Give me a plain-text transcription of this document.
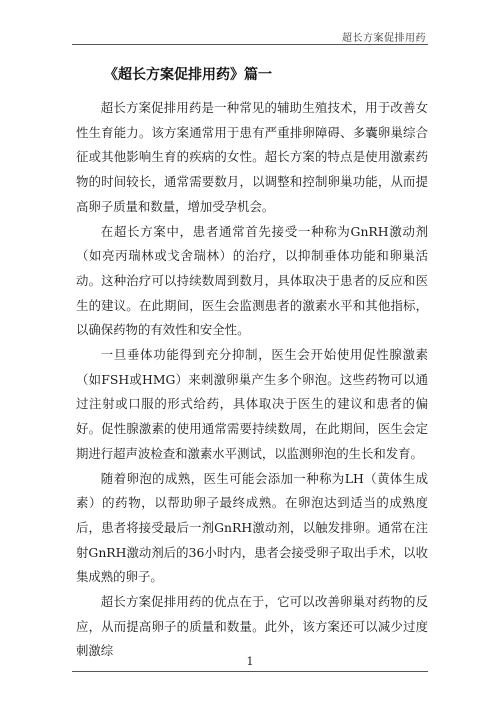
超长方案促排用药
《超长方案促排用药》篇一

超长方案促排用药是一种常见的辅助生殖技术，用于改善女性生育能力。该方案通常用于患有严重排卵障碍、多囊卵巢综合征或其他影响生育的疾病的女性。超长方案的特点是使用激素药物的时间较长，通常需要数月，以调整和控制卵巢功能，从而提高卵子质量和数量，增加受孕机会。

在超长方案中，患者通常首先接受一种称为GnRH激动剂（如亮丙瑞林或戈舍瑞林）的治疗，以抑制垂体功能和卵巢活动。这种治疗可以持续数周到数月，具体取决于患者的反应和医生的建议。在此期间，医生会监测患者的激素水平和其他指标，以确保药物的有效性和安全性。

一旦垂体功能得到充分抑制，医生会开始使用促性腺激素（如FSH或HMG）来刺激卵巢产生多个卵泡。这些药物可以通过注射或口服的形式给药，具体取决于医生的建议和患者的偏好。促性腺激素的使用通常需要持续数周，在此期间，医生会定期进行超声波检查和激素水平测试，以监测卵泡的生长和发育。

随着卵泡的成熟，医生可能会添加一种称为LH（黄体生成素）的药物，以帮助卵子最终成熟。在卵泡达到适当的成熟度后，患者将接受最后一剂GnRH激动剂，以触发排卵。通常在注射GnRH激动剂后的36小时内，患者会接受卵子取出手术，以收集成熟的卵子。

超长方案促排用药的优点在于，它可以改善卵巢对药物的反应，从而提高卵子的质量和数量。此外，该方案还可以减少过度刺激综

1
